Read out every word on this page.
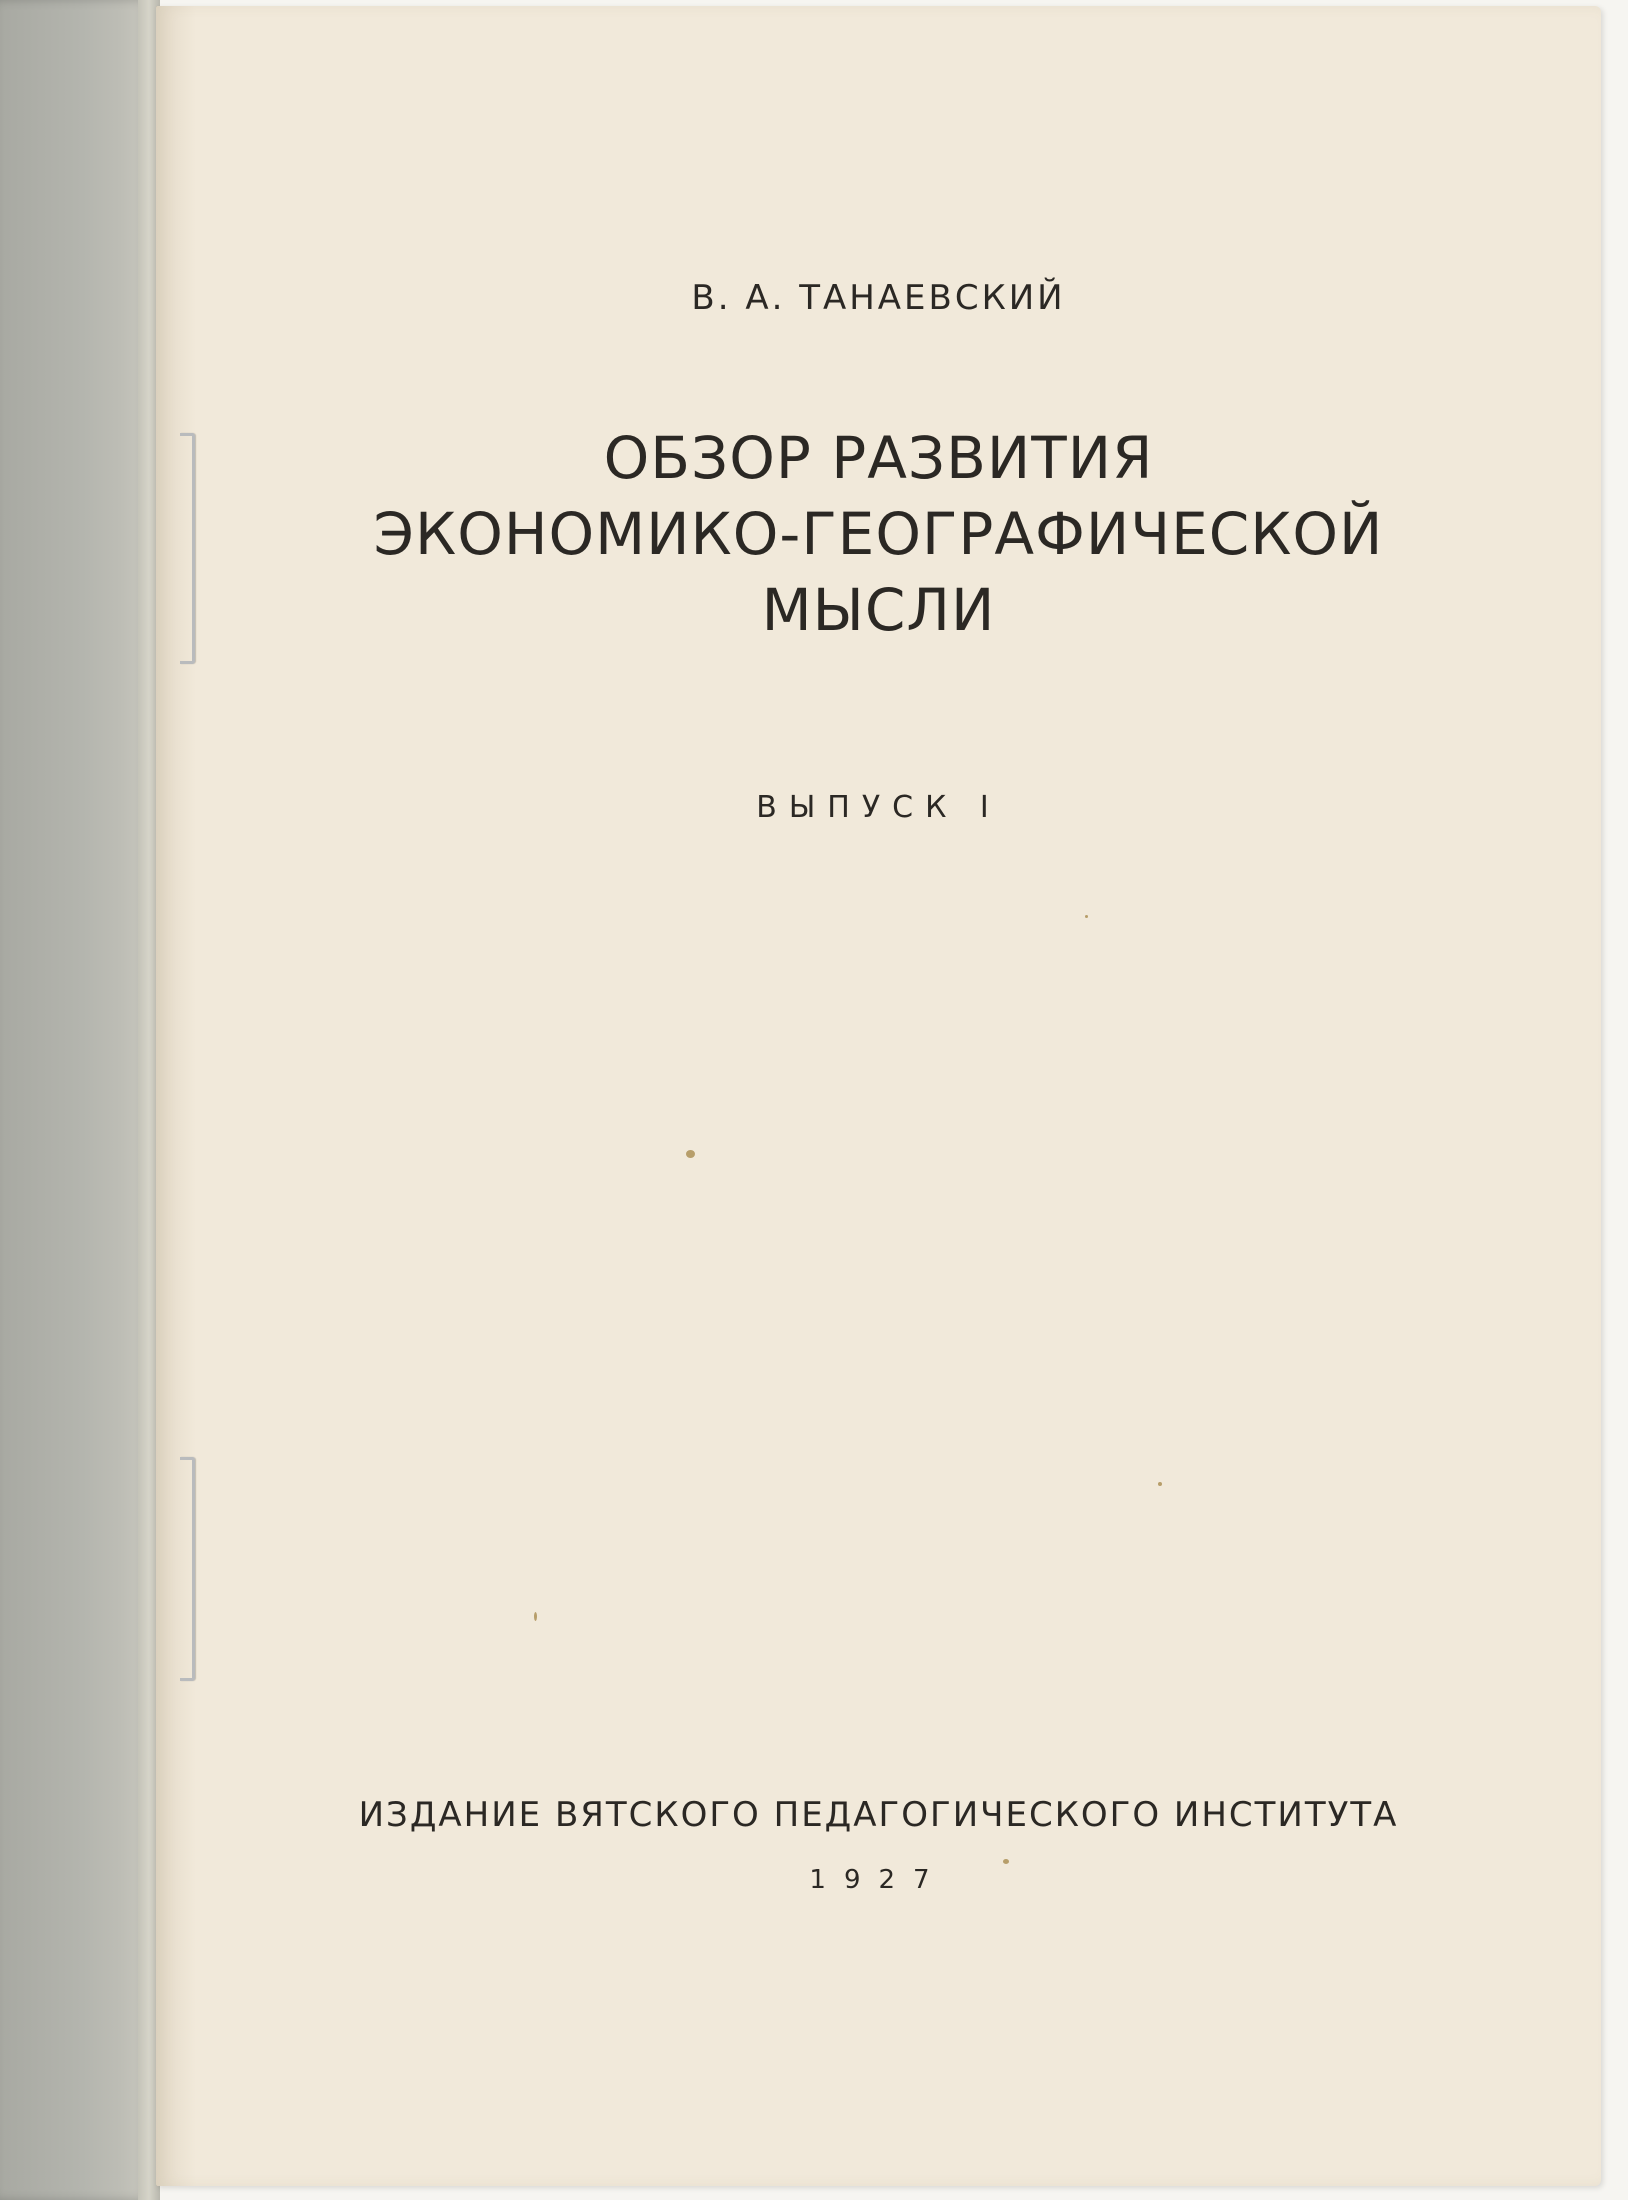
В. А. ТАНАЕВСКИЙ

ОБЗОР РАЗВИТИЯ
ЭКОНОМИКО-ГЕОГРАФИЧЕСКОЙ
МЫСЛИ

ВЫПУСК I

ИЗДАНИЕ ВЯТСКОГО ПЕДАГОГИЧЕСКОГО ИНСТИТУТА

1927
